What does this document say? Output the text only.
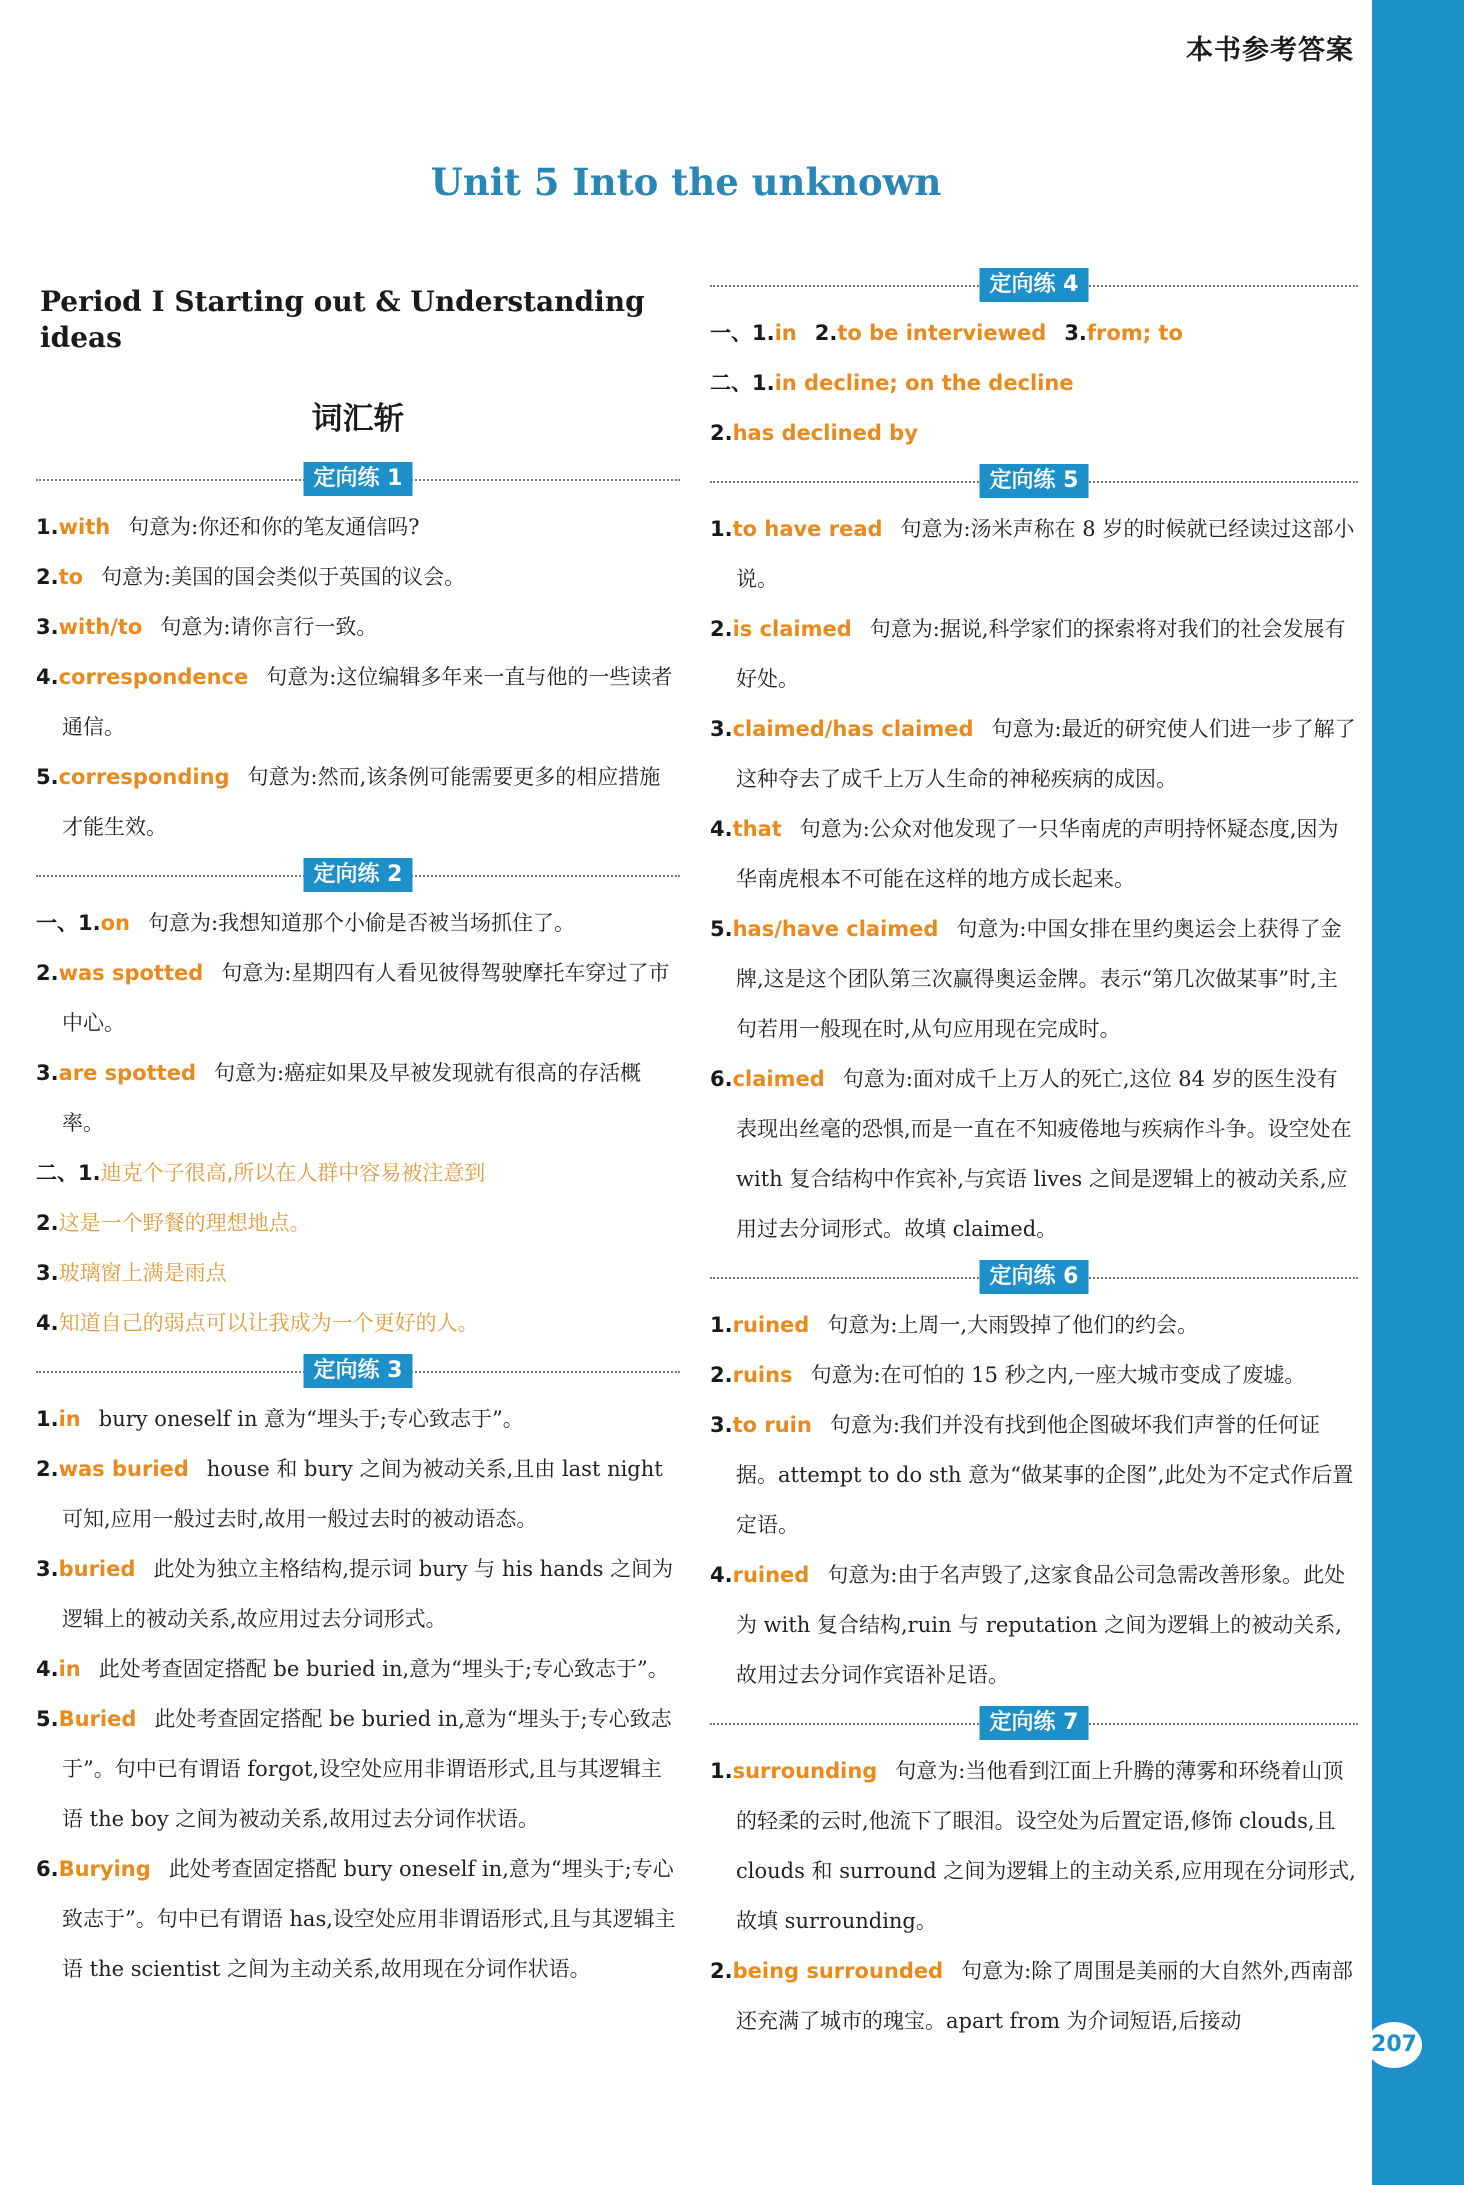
本书参考答案
Unit 5 Into the unknown
Period Ⅰ Starting out & Understanding ideas
词汇斩
定向练 1

1.with 句意为:你还和你的笔友通信吗?

2.to 句意为:美国的国会类似于英国的议会。

3.with/to 句意为:请你言行一致。

4.correspondence 句意为:这位编辑多年来一直与他的一些读者通信。

5.corresponding 句意为:然而,该条例可能需要更多的相应措施才能生效。

定向练 2

一、1.on 句意为:我想知道那个小偷是否被当场抓住了。

2.was spotted 句意为:星期四有人看见彼得驾驶摩托车穿过了市中心。

3.are spotted 句意为:癌症如果及早被发现就有很高的存活概率。

二、1.迪克个子很高,所以在人群中容易被注意到

2.这是一个野餐的理想地点。

3.玻璃窗上满是雨点

4.知道自己的弱点可以让我成为一个更好的人。

定向练 3

1.in bury oneself in 意为“埋头于;专心致志于”。

2.was buried house 和 bury 之间为被动关系,且由 last night 可知,应用一般过去时,故用一般过去时的被动语态。

3.buried 此处为独立主格结构,提示词 bury 与 his hands 之间为逻辑上的被动关系,故应用过去分词形式。

4.in 此处考查固定搭配 be buried in,意为“埋头于;专心致志于”。

5.Buried 此处考查固定搭配 be buried in,意为“埋头于;专心致志于”。句中已有谓语 forgot,设空处应用非谓语形式,且与其逻辑主语 the boy 之间为被动关系,故用过去分词作状语。

6.Burying 此处考查固定搭配 bury oneself in,意为“埋头于;专心致志于”。句中已有谓语 has,设空处应用非谓语形式,且与其逻辑主语 the scientist 之间为主动关系,故用现在分词作状语。

定向练 4

一、1.in 2.to be interviewed 3.from; to

二、1.in decline; on the decline

2.has declined by

定向练 5

1.to have read 句意为:汤米声称在 8 岁的时候就已经读过这部小说。

2.is claimed 句意为:据说,科学家们的探索将对我们的社会发展有好处。

3.claimed/has claimed 句意为:最近的研究使人们进一步了解了这种夺去了成千上万人生命的神秘疾病的成因。

4.that 句意为:公众对他发现了一只华南虎的声明持怀疑态度,因为华南虎根本不可能在这样的地方成长起来。

5.has/have claimed 句意为:中国女排在里约奥运会上获得了金牌,这是这个团队第三次赢得奥运金牌。表示“第几次做某事”时,主句若用一般现在时,从句应用现在完成时。

6.claimed 句意为:面对成千上万人的死亡,这位 84 岁的医生没有表现出丝毫的恐惧,而是一直在不知疲倦地与疾病作斗争。设空处在 with 复合结构中作宾补,与宾语 lives 之间是逻辑上的被动关系,应用过去分词形式。故填 claimed。

定向练 6

1.ruined 句意为:上周一,大雨毁掉了他们的约会。

2.ruins 句意为:在可怕的 15 秒之内,一座大城市变成了废墟。

3.to ruin 句意为:我们并没有找到他企图破坏我们声誉的任何证据。attempt to do sth 意为“做某事的企图”,此处为不定式作后置定语。

4.ruined 句意为:由于名声毁了,这家食品公司急需改善形象。此处为 with 复合结构,ruin 与 reputation 之间为逻辑上的被动关系,故用过去分词作宾语补足语。

定向练 7

1.surrounding 句意为:当他看到江面上升腾的薄雾和环绕着山顶的轻柔的云时,他流下了眼泪。设空处为后置定语,修饰 clouds,且 clouds 和 surround 之间为逻辑上的主动关系,应用现在分词形式,故填 surrounding。

2.being surrounded 句意为:除了周围是美丽的大自然外,西南部还充满了城市的瑰宝。apart from 为介词短语,后接动

207
